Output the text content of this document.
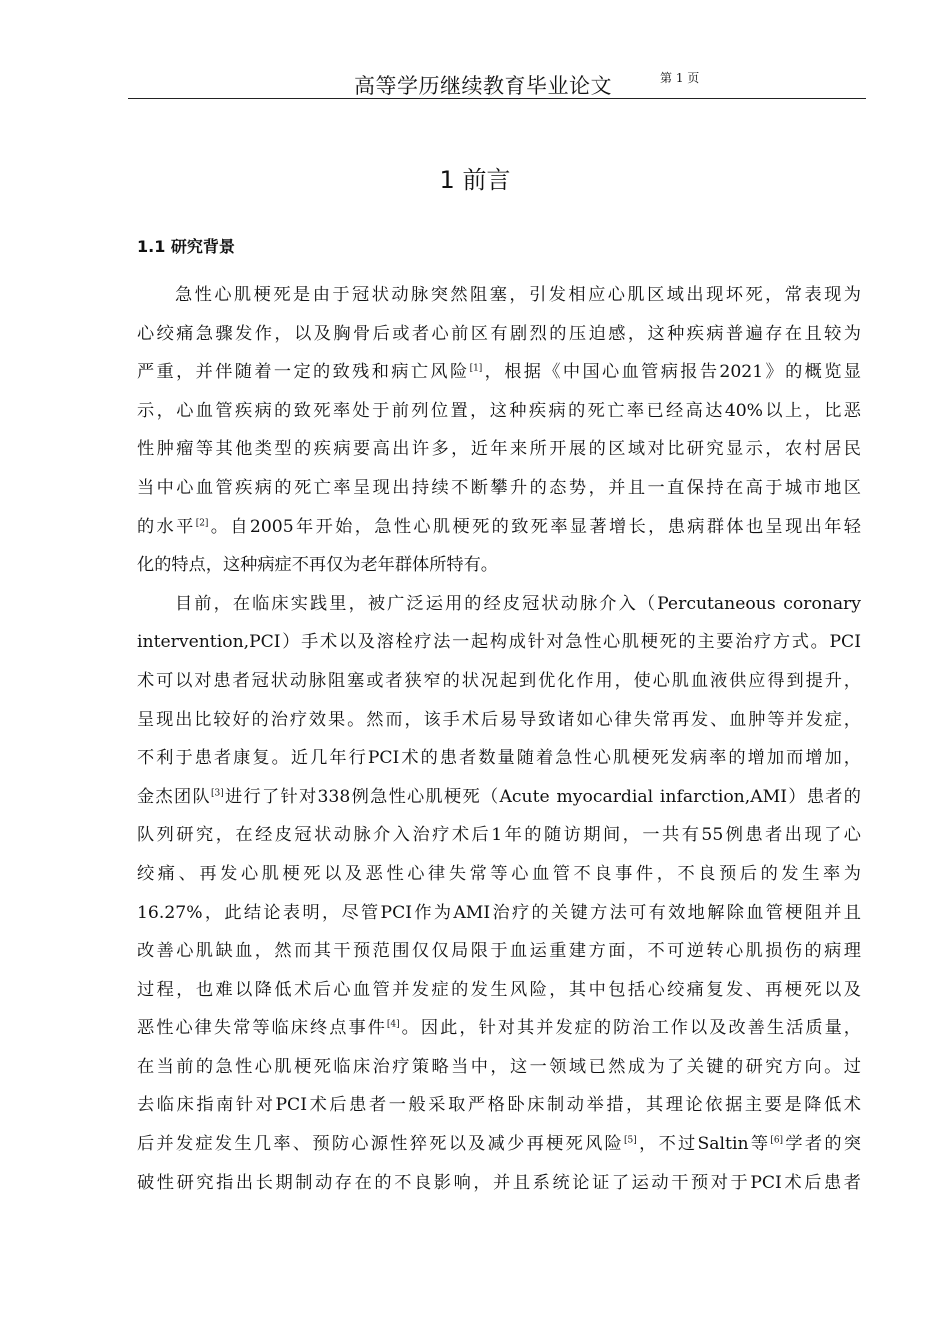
高等学历继续教育毕业论文	第 1 页
1 前言
1.1 研究背景
急性心肌梗死是由于冠状动脉突然阻塞，引发相应心肌区域出现坏死，常表现为
心绞痛急骤发作，以及胸骨后或者心前区有剧烈的压迫感，这种疾病普遍存在且较为
严重，并伴随着一定的致残和病亡风险[1]，根据《中国心血管病报告2021》的概览显
示，心血管疾病的致死率处于前列位置，这种疾病的死亡率已经高达40%以上，比恶
性肿瘤等其他类型的疾病要高出许多，近年来所开展的区域对比研究显示，农村居民
当中心血管疾病的死亡率呈现出持续不断攀升的态势，并且一直保持在高于城市地区
的水平[2]。自2005年开始，急性心肌梗死的致死率显著增长，患病群体也呈现出年轻
化的特点，这种病症不再仅为老年群体所特有。
目前，在临床实践里，被广泛运用的经皮冠状动脉介入（Percutaneous coronary
intervention,PCI）手术以及溶栓疗法一起构成针对急性心肌梗死的主要治疗方式。PCI
术可以对患者冠状动脉阻塞或者狭窄的状况起到优化作用，使心肌血液供应得到提升，
呈现出比较好的治疗效果。然而，该手术后易导致诸如心律失常再发、血肿等并发症，
不利于患者康复。近几年行PCI术的患者数量随着急性心肌梗死发病率的增加而增加，
金杰团队[3]进行了针对338例急性心肌梗死（Acute myocardial infarction,AMI）患者的
队列研究，在经皮冠状动脉介入治疗术后1年的随访期间，一共有55例患者出现了心
绞痛、再发心肌梗死以及恶性心律失常等心血管不良事件，不良预后的发生率为
16.27%，此结论表明，尽管PCI作为AMI治疗的关键方法可有效地解除血管梗阻并且
改善心肌缺血，然而其干预范围仅仅局限于血运重建方面，不可逆转心肌损伤的病理
过程，也难以降低术后心血管并发症的发生风险，其中包括心绞痛复发、再梗死以及
恶性心律失常等临床终点事件[4]。因此，针对其并发症的防治工作以及改善生活质量，
在当前的急性心肌梗死临床治疗策略当中，这一领域已然成为了关键的研究方向。过
去临床指南针对PCI术后患者一般采取严格卧床制动举措，其理论依据主要是降低术
后并发症发生几率、预防心源性猝死以及减少再梗死风险[5]，不过Saltin等[6]学者的突
破性研究指出长期制动存在的不良影响，并且系统论证了运动干预对于PCI术后患者
